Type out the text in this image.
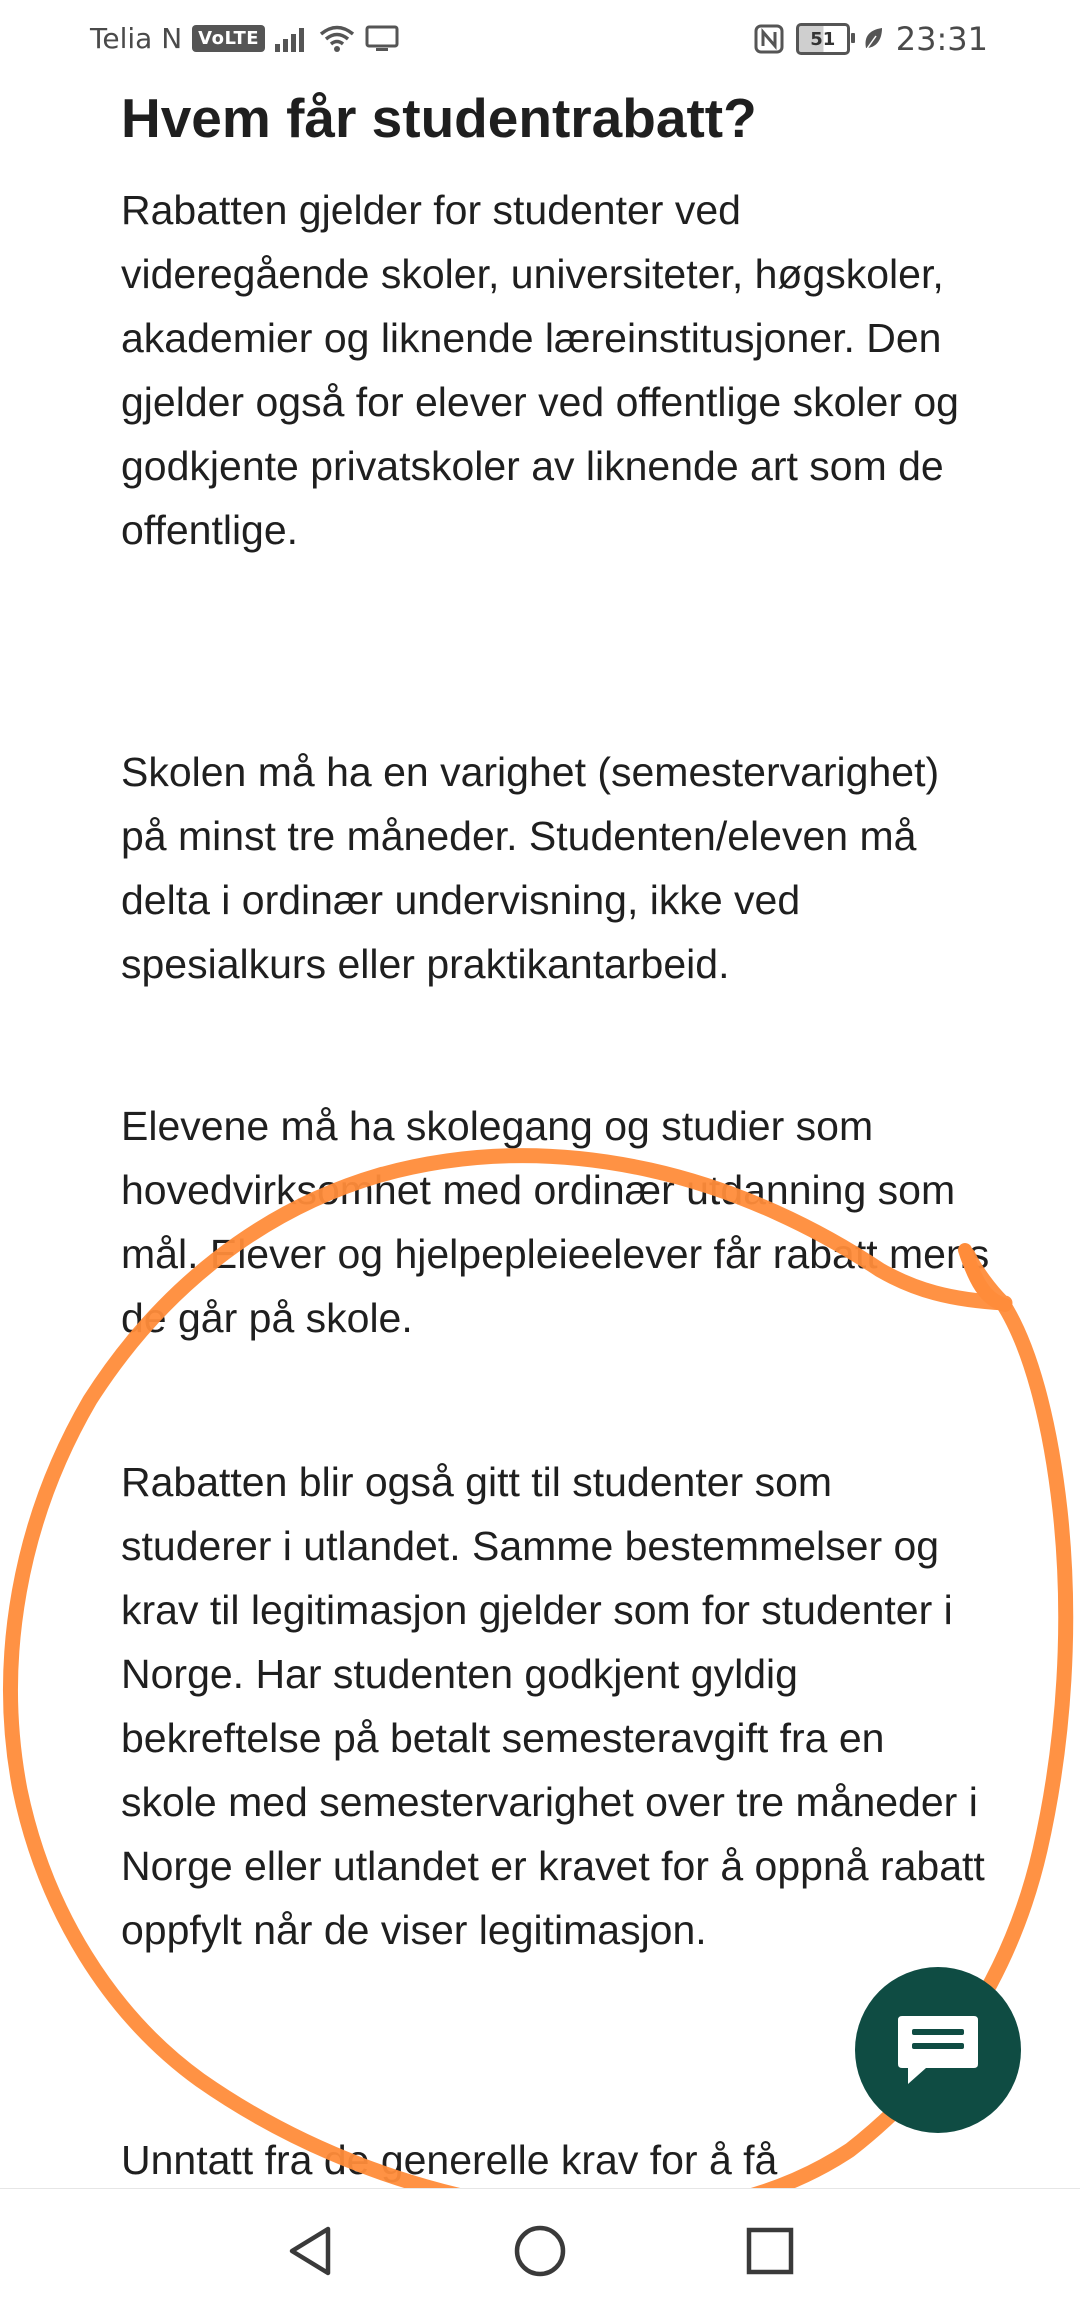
Telia N VoLTE	51 23:31
Hvem får studentrabatt?

Rabatten gjelder for studenter ved videregående skoler, universiteter, høgskoler, akademier og liknende læreinstitusjoner. Den gjelder også for elever ved offentlige skoler og godkjente privatskoler av liknende art som de offentlige.

Skolen må ha en varighet (semestervarighet) på minst tre måneder. Studenten/eleven må delta i ordinær undervisning, ikke ved spesialkurs eller praktikantarbeid.

Elevene må ha skolegang og studier som hovedvirksomhet med ordinær utdanning som mål. Elever og hjelpepleieelever får rabatt mens de går på skole.

Rabatten blir også gitt til studenter som studerer i utlandet. Samme bestemmelser og krav til legitimasjon gjelder som for studenter i Norge. Har studenten godkjent gyldig bekreftelse på betalt semesteravgift fra en skole med semestervarighet over tre måneder i Norge eller utlandet er kravet for å oppnå rabatt oppfylt når de viser legitimasjon.

Unntatt fra de generelle krav for å få
